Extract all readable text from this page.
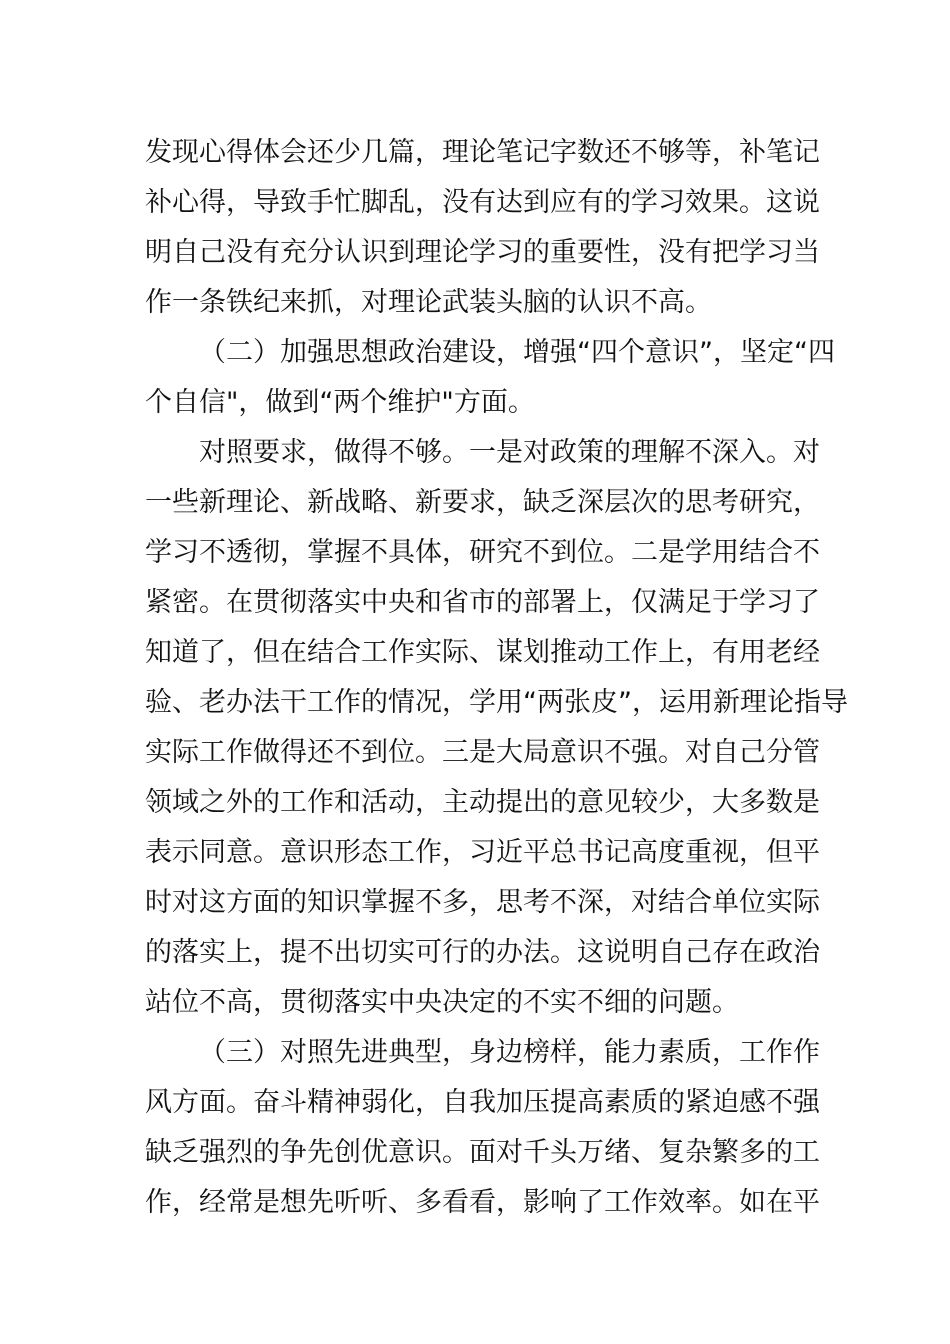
发现心得体会还少几篇，理论笔记字数还不够等，补笔记
补心得，导致手忙脚乱，没有达到应有的学习效果。这说
明自己没有充分认识到理论学习的重要性，没有把学习当
作一条铁纪来抓，对理论武装头脑的认识不高。
（二）加强思想政治建设，增强“四个意识”，坚定“四
个自信"，做到“两个维护"方面。
对照要求，做得不够。一是对政策的理解不深入。对
一些新理论、新战略、新要求，缺乏深层次的思考研究，
学习不透彻，掌握不具体，研究不到位。二是学用结合不
紧密。在贯彻落实中央和省市的部署上，仅满足于学习了
知道了，但在结合工作实际、谋划推动工作上，有用老经
验、老办法干工作的情况，学用“两张皮”，运用新理论指导
实际工作做得还不到位。三是大局意识不强。对自己分管
领域之外的工作和活动，主动提出的意见较少，大多数是
表示同意。意识形态工作，习近平总书记高度重视，但平
时对这方面的知识掌握不多，思考不深，对结合单位实际
的落实上，提不出切实可行的办法。这说明自己存在政治
站位不高，贯彻落实中央决定的不实不细的问题。
（三）对照先进典型，身边榜样，能力素质，工作作
风方面。奋斗精神弱化，自我加压提高素质的紧迫感不强
缺乏强烈的争先创优意识。面对千头万绪、复杂繁多的工
作，经常是想先听听、多看看，影响了工作效率。如在平
